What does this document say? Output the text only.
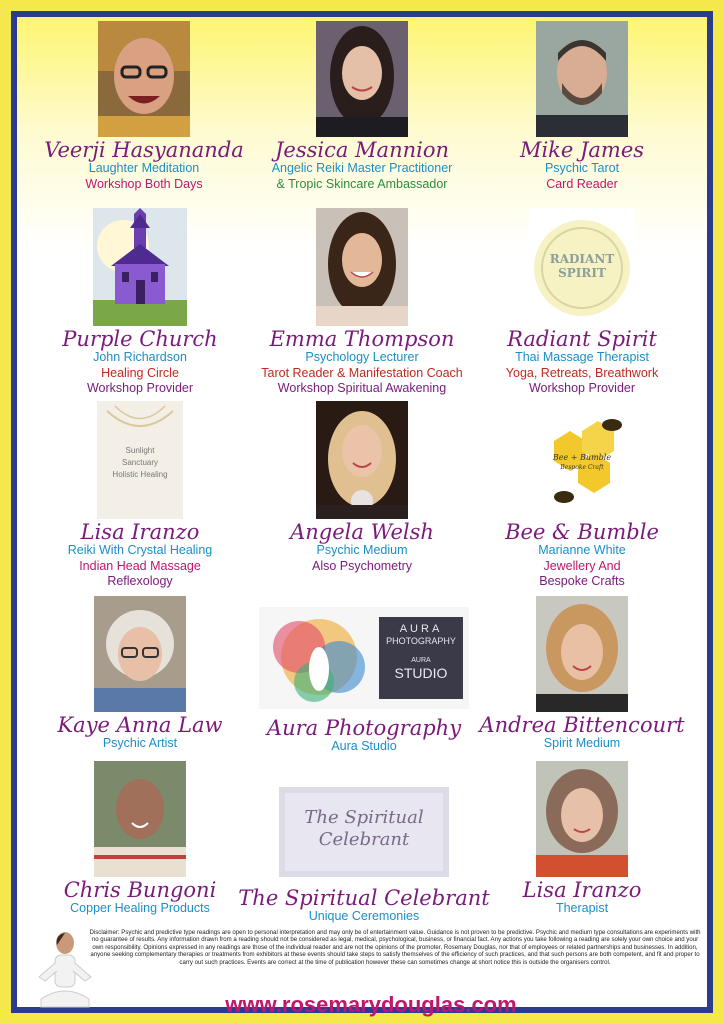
Veerji Hasyananda
Laughter Meditation
Workshop Both Days
Jessica Mannion
Angelic Reiki Master Practitioner
& Tropic Skincare Ambassador
Mike James
Psychic Tarot
Card Reader
Purple Church
John Richardson
Healing Circle
Workshop Provider
Emma Thompson
Psychology Lecturer
Tarot Reader & Manifestation Coach
Workshop Spiritual Awakening
RADIANT SPIRIT
Radiant Spirit
Thai Massage Therapist
Yoga, Retreats, Breathwork
Workshop Provider
Sunlight
Sanctuary
Holistic Healing
Lisa Iranzo
Reiki With Crystal Healing
Indian Head Massage
Reflexology
Angela Welsh
Psychic Medium
Also Psychometry
Bee + Bumble
Bespoke Craft
Bee & Bumble
Marianne White
Jewellery And
Bespoke Crafts
Kaye Anna Law
Psychic Artist
AURA
PHOTOGRAPHY
AURA
STUDIO
Aura Photography
Aura Studio
Andrea Bittencourt
Spirit Medium
Chris Bungoni
Copper Healing Products
The Spiritual
Celebrant
The Spiritual Celebrant
Unique Ceremonies
Lisa Iranzo
Therapist
Disclaimer: Psychic and predictive type readings are open to personal interpretation and may only be of entertainment value. Guidance is not proven to be predictive. Psychic and medium type consultations are experiments with no guarantee of results. Any information drawn from a reading should not be considered as legal, medical, psychological, business, or financial fact. Any actions you take following a reading are solely your own choice and your own responsibility. Opinions expressed in any readings are those of the individual reader and are not the opinions of the promoter, Rosemary Douglas, nor that of employees or related partnerships and businesses. In addition, anyone seeking complementary therapies or treatments from exhibitors at these events should take steps to satisfy themselves of the efficiency of such practices, and that such persons are both competent, and fit and proper to carry out such practices. Events are correct at the time of publication however these can sometimes change at short notice this is outside the organisers control.
www.rosemarydouglas.com
